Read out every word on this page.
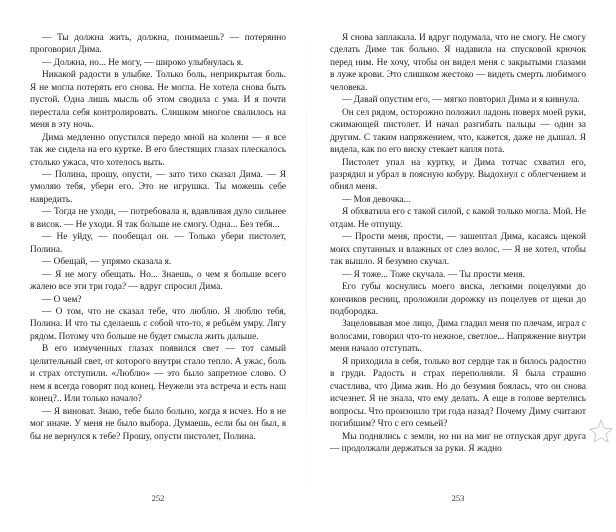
— Ты должна жить, должна, понимаешь? — потерянно проговорил Дима.

— Должна, но... Не могу, — широко улыбнулась я.

Никакой радости в улыбке. Только боль, неприкрытая боль. Я не могла потерять его снова. Не могла. Не хотела снова быть пустой. Одна лишь мысль об этом сводила с ума. И я почти перестала себя контролировать. Слишком многое свалилось на меня в эту ночь.

Дима медленно опустился передо мной на колени — я все так же сидела на его куртке. В его блестящих глазах плескалось столько ужаса, что хотелось выть.

— Полина, прошу, опусти, — зато тихо сказал Дима. — Я умоляю тебя, убери его. Это не игрушка. Ты можешь себе навредить.

— Тогда не уходи, — потребовала я, вдавливая дуло сильнее в висок. — Не уходи. Я так больше не смогу. Одна... Без тебя...

— Не уйду, — пообещал он. — Только убери пистолет, Полина.

— Обещай, — упрямо сказала я.

— Я не могу обещать. Но... Знаешь, о чем я больше всего жалею все эти три года? — вдруг спросил Дима.

— О чем?

— О том, что не сказал тебе, что люблю. Я люблю тебя, Полина. И что ты сделаешь с собой что-то, я ребьём умру. Лягу рядом. Потому что больше не будет смысла жить дальше.

В его измученных глазах появился свет — тот самый целительный свет, от которого внутри стало тепло. А ужас, боль и страх отступили. «Люблю» — это было запретное слово. О нем я всегда говорят под конец. Неужели эта встреча и есть наш конец?.. Или только начало?

— Я виноват. Знаю, тебе было больно, когда я исчез. Но я не мог иначе. У меня не было выбора. Думаешь, если бы он был, я бы не вернулся к тебе? Прошу, опусти пистолет, Полина.

252

Я снова заплакала. И вдруг подумала, что не смогу. Не смогу сделать Диме так больно. Я надавила на спусковой крючок перед ним. Не хочу, чтобы он видел меня с закрытыми глазами в луже крови. Это слишком жестоко — видеть смерть любимого человека.

— Давай опустим его, — мягко повторил Дима и я кивнула.

Он сел рядом, осторожно положил ладонь поверх моей руки, сжимающей пистолет. И начал разгибать пальцы — один за другим. С таким напряжением, что, кажется, даже не дышал. Я видела, как по его виску стекает капля пота.

Пистолет упал на куртку, и Дима тотчас схватил его, разрядил и убрал в поясную кобуру. Выдохнул с облегчением и обнял меня.

— Моя девочка...

Я обхватила его с такой силой, с какой только могла. Мой. Не отдам. Не отпущу.

— Прости меня, прости, — зашептал Дима, касаясь щекой моих спутанных и влажных от слез волос. — Я не хотел, чтобы так вышло. Я безумно скучал.

— Я тоже... Тоже скучала. — Ты прости меня.

Его губы коснулись моего виска, легкими поцелуями до кончиков ресниц, проложили дорожку из поцелуев от щеки до подбородка.

Зацеловывая мое лицо, Дима гладил меня по плечам, играл с волосами, говорил что-то нежное, светлое... Напряжение внутри меня начало отступать.

Я приходила в себя, только вот сердце так и билось радостно в груди. Радость и страх переполняли. Я была страшно счастлива, что Дима жив. Но до безумия боялась, что он снова исчезнет. Я не знала, что ему делать. А еще в голове вертелись вопросы. Что произошло три года назад? Почему Диму считают погибшим? Что с его семьей?

Мы поднялись с земли, но ни на миг не отпуская друг друга — продолжали держаться за руки. Я жадно

253
